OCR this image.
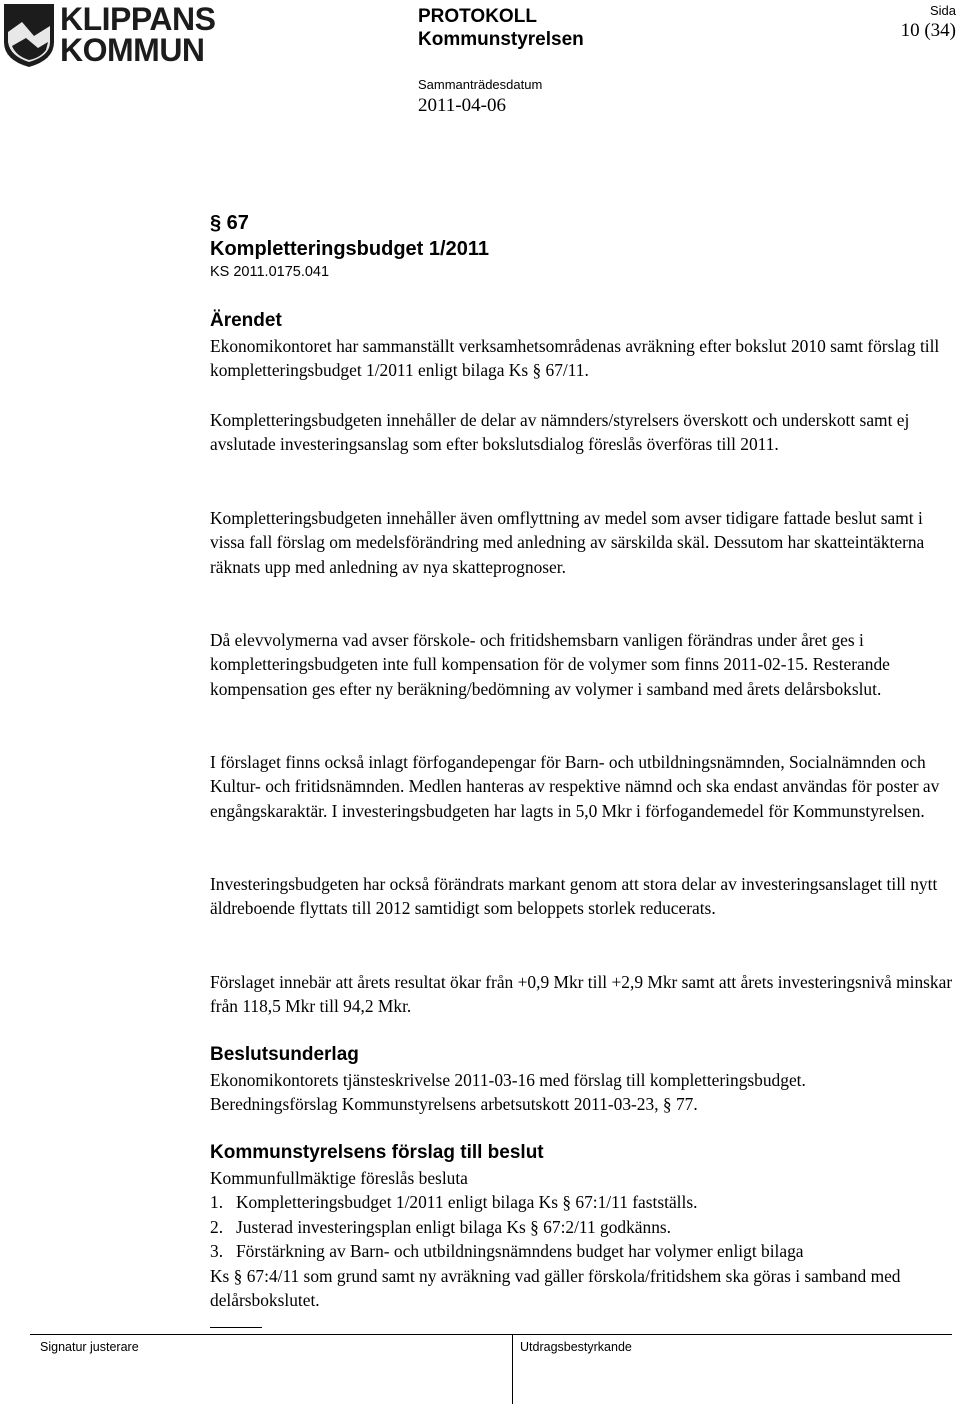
KLIPPANS
KOMMUN
PROTOKOLL
Kommunstyrelsen
Sammanträdesdatum
2011-04-06
Sida
10 (34)
§ 67
Kompletteringsbudget 1/2011
KS 2011.0175.041
Ärendet

Ekonomikontoret har sammanställt verksamhetsområdenas avräkning efter bokslut 2010 samt förslag till kompletteringsbudget 1/2011 enligt bilaga Ks § 67/11.

Kompletteringsbudgeten innehåller de delar av nämnders/styrelsers överskott och underskott samt ej avslutade investeringsanslag som efter bokslutsdialog föreslås överföras till 2011.

Kompletteringsbudgeten innehåller även omflyttning av medel som avser tidigare fattade beslut samt i vissa fall förslag om medelsförändring med anledning av särskilda skäl. Dessutom har skatteintäkterna räknats upp med anledning av nya skatteprognoser.

Då elevvolymerna vad avser förskole- och fritidshemsbarn vanligen förändras under året ges i kompletteringsbudgeten inte full kompensation för de volymer som finns 2011-02-15. Resterande kompensation ges efter ny beräkning/bedömning av volymer i samband med årets delårsbokslut.

I förslaget finns också inlagt förfogandepengar för Barn- och utbildningsnämnden, Socialnämnden och Kultur- och fritidsnämnden. Medlen hanteras av respektive nämnd och ska endast användas för poster av engångskaraktär. I investeringsbudgeten har lagts in 5,0 Mkr i förfogandemedel för Kommunstyrelsen.

Investeringsbudgeten har också förändrats markant genom att stora delar av investeringsanslaget till nytt äldreboende flyttats till 2012 samtidigt som beloppets storlek reducerats.

Förslaget innebär att årets resultat ökar från +0,9 Mkr till +2,9 Mkr samt att årets investeringsnivå minskar från 118,5 Mkr till 94,2 Mkr.

Beslutsunderlag
Ekonomikontorets tjänsteskrivelse 2011-03-16 med förslag till kompletteringsbudget.
Beredningsförslag Kommunstyrelsens arbetsutskott 2011-03-23, § 77.
Kommunstyrelsens förslag till beslut
Kommunfullmäktige föreslås besluta
1. Kompletteringsbudget 1/2011 enligt bilaga Ks § 67:1/11 fastställs.
2. Justerad investeringsplan enligt bilaga Ks § 67:2/11 godkänns.
3. Förstärkning av Barn- och utbildningsnämndens budget har volymer enligt bilaga
Ks § 67:4/11 som grund samt ny avräkning vad gäller förskola/fritidshem ska göras i samband med delårsbokslutet.
Signatur justerare	Utdragsbestyrkande
